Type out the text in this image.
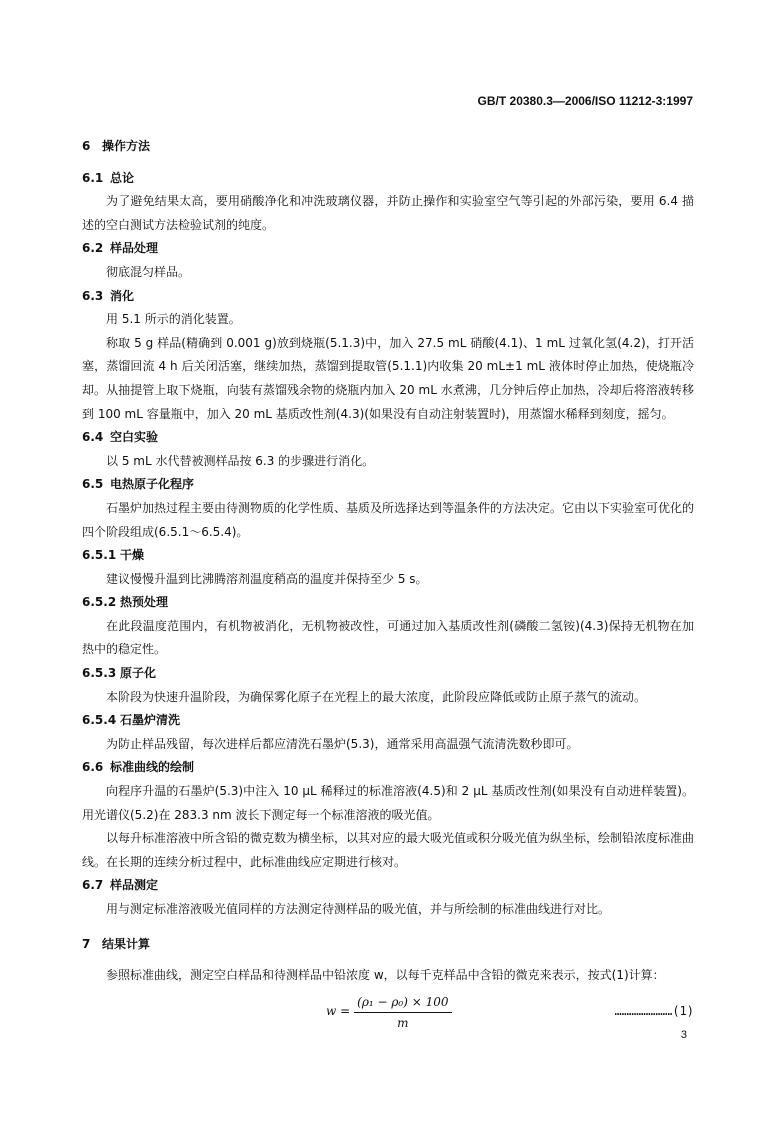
GB/T 20380.3—2006/ISO 11212-3:1997
6 操作方法
6.1 总论
为了避免结果太高，要用硝酸净化和冲洗玻璃仪器，并防止操作和实验室空气等引起的外部污染，要用 6.4 描述的空白测试方法检验试剂的纯度。
6.2 样品处理
彻底混匀样品。
6.3 消化
用 5.1 所示的消化装置。
称取 5 g 样品(精确到 0.001 g)放到烧瓶(5.1.3)中，加入 27.5 mL 硝酸(4.1)、1 mL 过氧化氢(4.2)，打开活塞，蒸馏回流 4 h 后关闭活塞，继续加热，蒸馏到提取管(5.1.1)内收集 20 mL±1 mL 液体时停止加热，使烧瓶冷却。从抽提管上取下烧瓶，向装有蒸馏残余物的烧瓶内加入 20 mL 水煮沸，几分钟后停止加热，冷却后将溶液转移到 100 mL 容量瓶中，加入 20 mL 基质改性剂(4.3)(如果没有自动注射装置时)，用蒸馏水稀释到刻度，摇匀。
6.4 空白实验
以 5 mL 水代替被测样品按 6.3 的步骤进行消化。
6.5 电热原子化程序
石墨炉加热过程主要由待测物质的化学性质、基质及所选择达到等温条件的方法决定。它由以下实验室可优化的四个阶段组成(6.5.1～6.5.4)。
6.5.1 干燥
建议慢慢升温到比沸腾溶剂温度稍高的温度并保持至少 5 s。
6.5.2 热预处理
在此段温度范围内，有机物被消化，无机物被改性，可通过加入基质改性剂(磷酸二氢铵)(4.3)保持无机物在加热中的稳定性。
6.5.3 原子化
本阶段为快速升温阶段，为确保雾化原子在光程上的最大浓度，此阶段应降低或防止原子蒸气的流动。
6.5.4 石墨炉清洗
为防止样品残留，每次进样后都应清洗石墨炉(5.3)，通常采用高温强气流清洗数秒即可。
6.6 标准曲线的绘制
向程序升温的石墨炉(5.3)中注入 10 μL 稀释过的标准溶液(4.5)和 2 μL 基质改性剂(如果没有自动进样装置)。用光谱仪(5.2)在 283.3 nm 波长下测定每一个标准溶液的吸光值。
以每升标准溶液中所含铅的微克数为横坐标，以其对应的最大吸光值或积分吸光值为纵坐标，绘制铅浓度标准曲线。在长期的连续分析过程中，此标准曲线应定期进行核对。
6.7 样品测定
用与测定标准溶液吸光值同样的方法测定待测样品的吸光值，并与所绘制的标准曲线进行对比。
7 结果计算
参照标准曲线，测定空白样品和待测样品中铅浓度 w，以每千克样品中含铅的微克来表示，按式(1)计算：
$w = \frac{\text{(ρ₁ − ρ₀) × 100}}{m}$	……………………(1)
3
